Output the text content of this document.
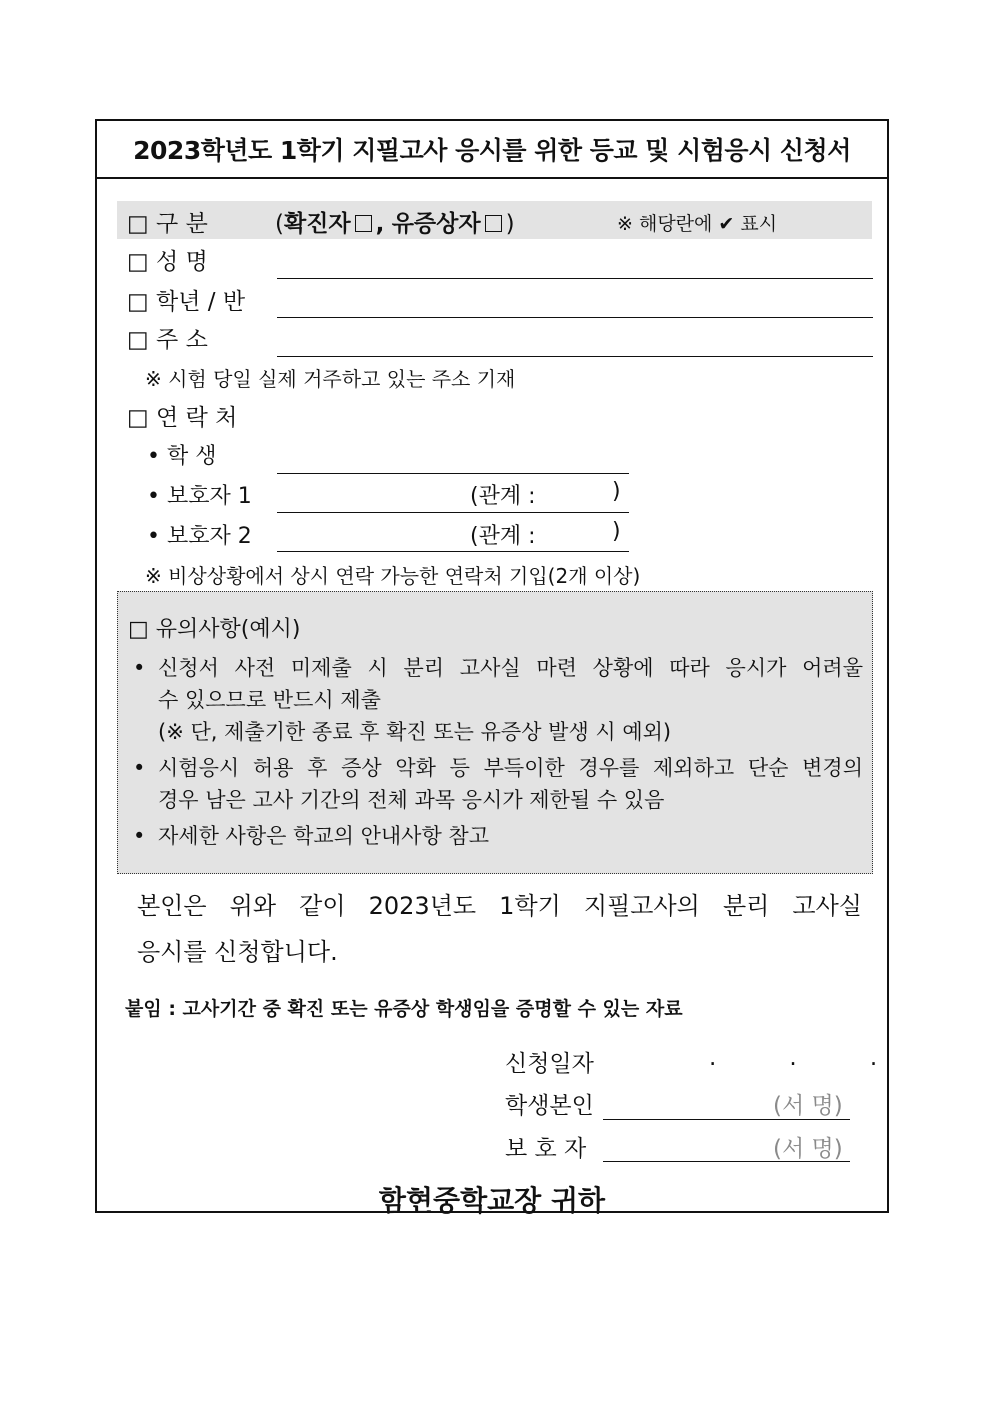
2023학년도 1학기 지필고사 응시를 위한 등교 및 시험응시 신청서
□ 구 분	(확진자 , 유증상자 )	※ 해당란에 ✔ 표시
□ 성 명
□ 학년 / 반
□ 주 소
※ 시험 당일 실제 거주하고 있는 주소 기재
□ 연 락 처
• 학 생
• 보호자 1	(관계 :	)
• 보호자 2	(관계 :	)
※ 비상상황에서 상시 연락 가능한 연락처 기입(2개 이상)
□ 유의사항(예시)
• 신청서 사전 미제출 시 분리 고사실 마련 상황에 따라 응시가 어려울
수 있으므로 반드시 제출
(※ 단, 제출기한 종료 후 확진 또는 유증상 발생 시 예외)
• 시험응시 허용 후 증상 악화 등 부득이한 경우를 제외하고 단순 변경의
경우 남은 고사 기간의 전체 과목 응시가 제한될 수 있음
• 자세한 사항은 학교의 안내사항 참고
본인은 위와 같이 2023년도 1학기 지필고사의 분리 고사실
응시를 신청합니다.
붙임 : 고사기간 중 확진 또는 유증상 학생임을 증명할 수 있는 자료
신청일자	.          .          .
학생본인	(서 명)
보 호 자	(서 명)
함현중학교장 귀하
